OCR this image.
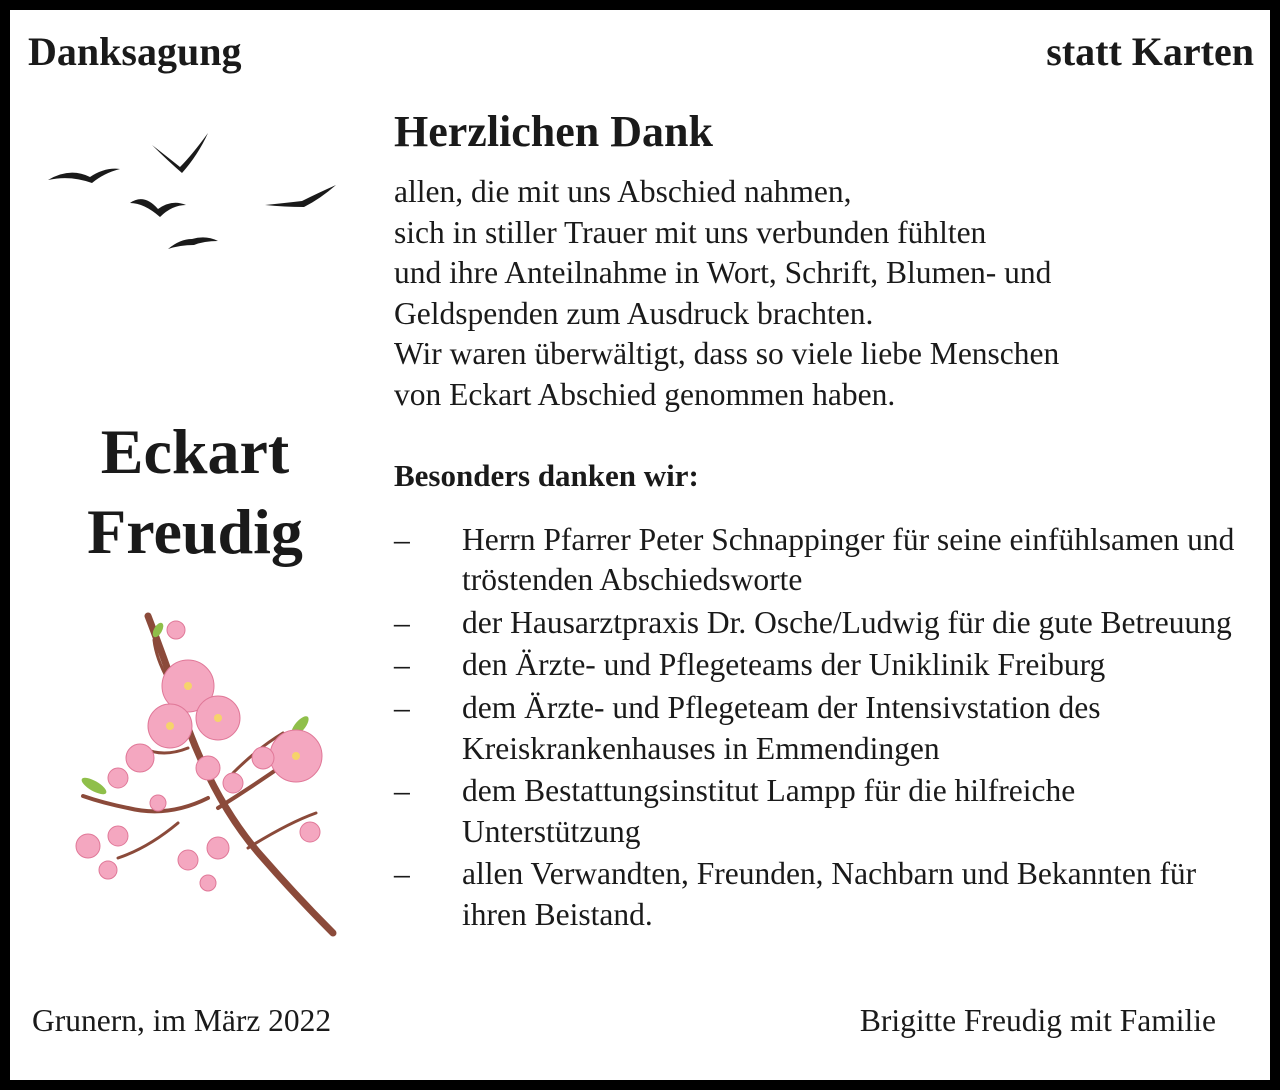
Danksagung	statt Karten
Eckart
Freudig
Herzlichen Dank
allen, die mit uns Abschied nahmen,
sich in stiller Trauer mit uns verbunden fühlten
und ihre Anteilnahme in Wort, Schrift, Blumen- und
Geldspenden zum Ausdruck brachten.
Wir waren überwältigt, dass so viele liebe Menschen
von Eckart Abschied genommen haben.
Besonders danken wir:
– Herrn Pfarrer Peter Schnappinger für seine einfühlsamen und tröstenden Abschiedsworte
– der Hausarztpraxis Dr. Osche/Ludwig für die gute Betreuung
– den Ärzte- und Pflegeteams der Uniklinik Freiburg
– dem Ärzte- und Pflegeteam der Intensivstation des Kreiskrankenhauses in Emmendingen
– dem Bestattungsinstitut Lampp für die hilfreiche Unterstützung
– allen Verwandten, Freunden, Nachbarn und Bekannten für ihren Beistand.
Grunern, im März 2022	Brigitte Freudig mit Familie
